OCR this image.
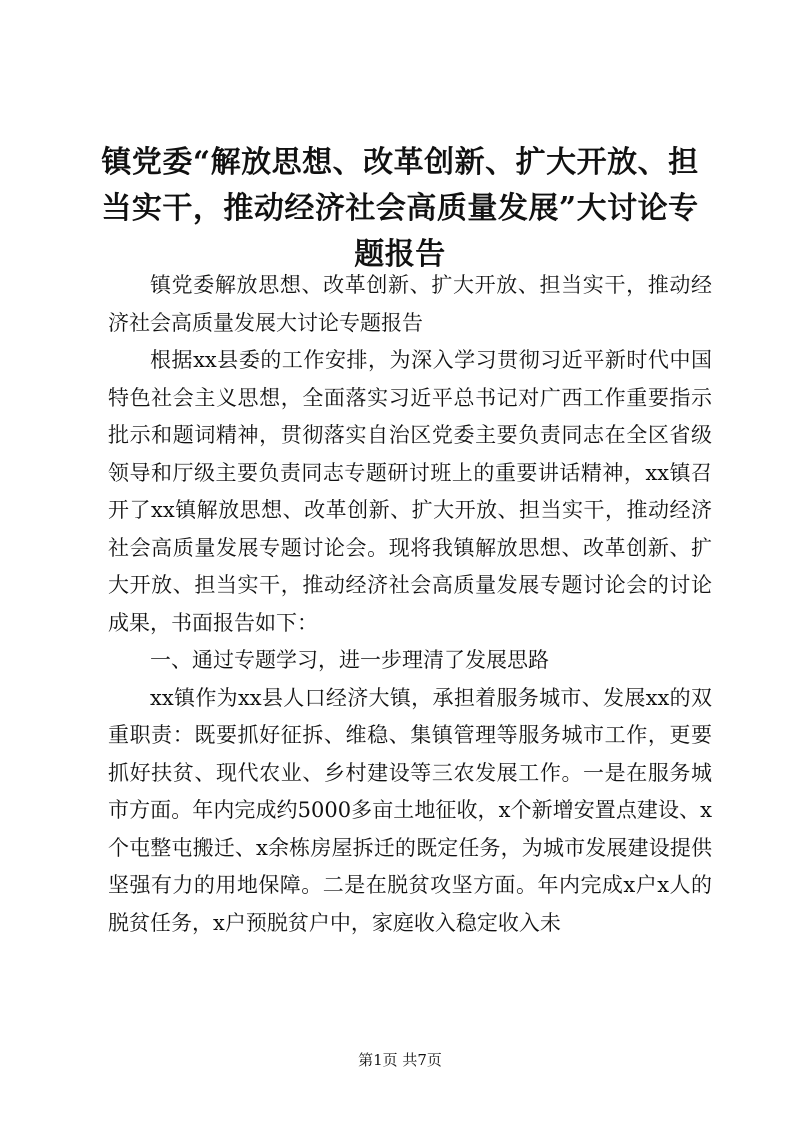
镇党委“解放思想、改革创新、扩大开放、担当实干，推动经济社会高质量发展”大讨论专题报告

镇党委解放思想、改革创新、扩大开放、担当实干，推动经济社会高质量发展大讨论专题报告

根据xx县委的工作安排，为深入学习贯彻习近平新时代中国特色社会主义思想，全面落实习近平总书记对广西工作重要指示批示和题词精神，贯彻落实自治区党委主要负责同志在全区省级领导和厅级主要负责同志专题研讨班上的重要讲话精神，xx镇召开了xx镇解放思想、改革创新、扩大开放、担当实干，推动经济社会高质量发展专题讨论会。现将我镇解放思想、改革创新、扩大开放、担当实干，推动经济社会高质量发展专题讨论会的讨论成果，书面报告如下：

一、通过专题学习，进一步理清了发展思路

xx镇作为xx县人口经济大镇，承担着服务城市、发展xx的双重职责：既要抓好征拆、维稳、集镇管理等服务城市工作，更要抓好扶贫、现代农业、乡村建设等三农发展工作。一是在服务城市方面。年内完成约5000多亩土地征收，x个新增安置点建设、x个屯整屯搬迁、x余栋房屋拆迁的既定任务，为城市发展建设提供坚强有力的用地保障。二是在脱贫攻坚方面。年内完成x户x人的脱贫任务，x户预脱贫户中，家庭收入稳定收入未

第1页 共7页
